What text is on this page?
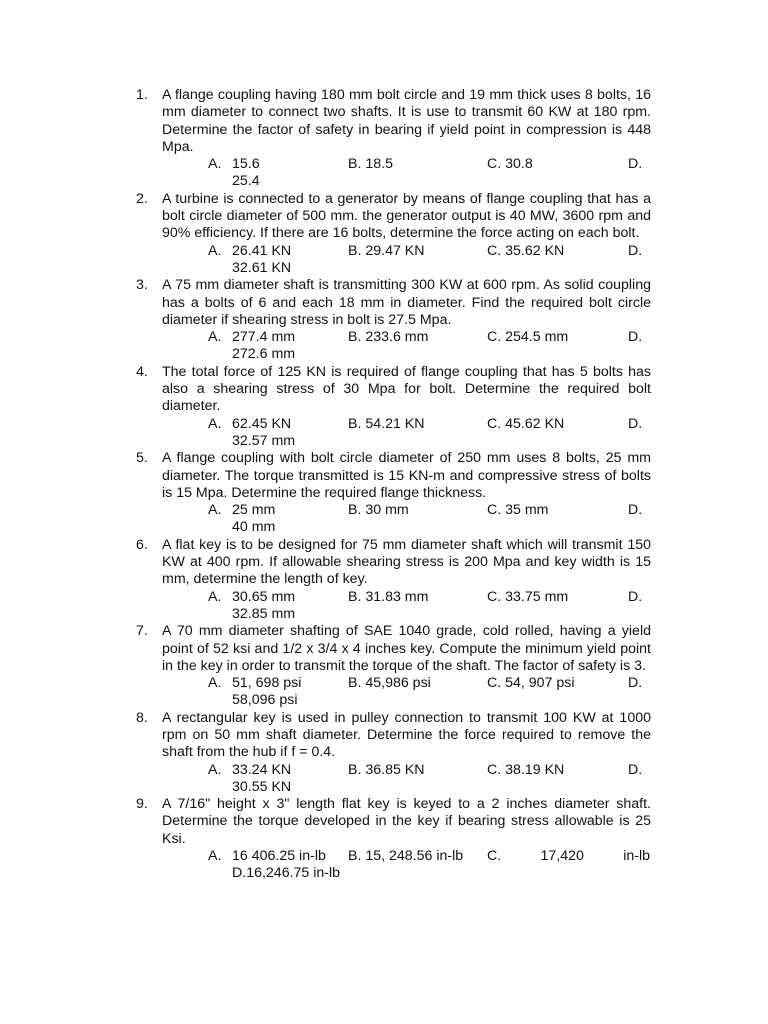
1. A flange coupling having 180 mm bolt circle and 19 mm thick uses 8 bolts, 16 mm diameter to connect two shafts. It is use to transmit 60 KW at 180 rpm. Determine the factor of safety in bearing if yield point in compression is 448 Mpa.
A. 15.6	B. 18.5	C. 30.8	D.
25.4
2. A turbine is connected to a generator by means of flange coupling that has a bolt circle diameter of 500 mm. the generator output is 40 MW, 3600 rpm and 90% efficiency. If there are 16 bolts, determine the force acting on each bolt.
A. 26.41 KN	B. 29.47 KN	C. 35.62 KN	D.
32.61 KN
3. A 75 mm diameter shaft is transmitting 300 KW at 600 rpm. As solid coupling has a bolts of 6 and each 18 mm in diameter. Find the required bolt circle diameter if shearing stress in bolt is 27.5 Mpa.
A. 277.4 mm	B. 233.6 mm	C. 254.5 mm	D.
272.6 mm
4. The total force of 125 KN is required of flange coupling that has 5 bolts has also a shearing stress of 30 Mpa for bolt. Determine the required bolt diameter.
A. 62.45 KN	B. 54.21 KN	C. 45.62 KN	D.
32.57 mm
5. A flange coupling with bolt circle diameter of 250 mm uses 8 bolts, 25 mm diameter. The torque transmitted is 15 KN-m and compressive stress of bolts is 15 Mpa. Determine the required flange thickness.
A. 25 mm	B. 30 mm	C. 35 mm	D.
40 mm
6. A flat key is to be designed for 75 mm diameter shaft which will transmit 150 KW at 400 rpm. If allowable shearing stress is 200 Mpa and key width is 15 mm, determine the length of key.
A. 30.65 mm	B. 31.83 mm	C. 33.75 mm	D.
32.85 mm
7. A 70 mm diameter shafting of SAE 1040 grade, cold rolled, having a yield point of 52 ksi and 1/2 x 3/4 x 4 inches key. Compute the minimum yield point in the key in order to transmit the torque of the shaft. The factor of safety is 3.
A. 51, 698 psi	B. 45,986 psi	C. 54, 907 psi	D.
58,096 psi
8. A rectangular key is used in pulley connection to transmit 100 KW at 1000 rpm on 50 mm shaft diameter. Determine the force required to remove the shaft from the hub if f = 0.4.
A. 33.24 KN	B. 36.85 KN	C. 38.19 KN	D.
30.55 KN
9. A 7/16" height x 3" length flat key is keyed to a 2 inches diameter shaft. Determine the torque developed in the key if bearing stress allowable is 25 Ksi.
A. 16 406.25 in-lb B. 15, 248.56 in-lb C.	17,420	in-lb
D.16,246.75 in-lb
